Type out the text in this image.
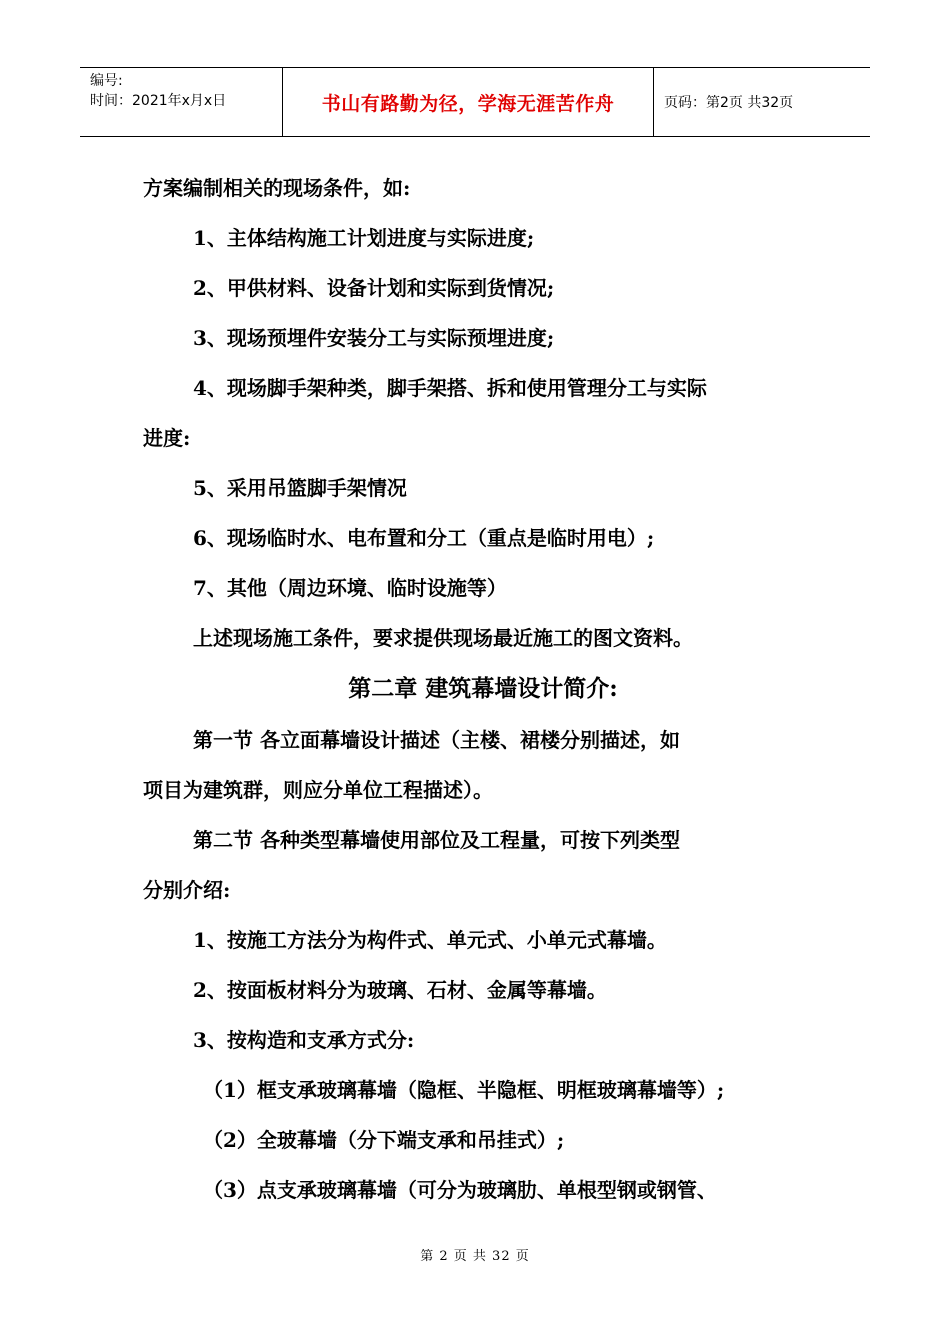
编号:
时间：2021年x月x日	书山有路勤为径，学海无涯苦作舟	页码：第2页 共32页

方案编制相关的现场条件，如:

1、主体结构施工计划进度与实际进度;

2、甲供材料、设备计划和实际到货情况;

3、现场预埋件安装分工与实际预埋进度;

4、现场脚手架种类，脚手架搭、拆和使用管理分工与实际

进度:

5、采用吊篮脚手架情况

6、现场临时水、电布置和分工（重点是临时用电）;

7、其他（周边环境、临时设施等）

上述现场施工条件，要求提供现场最近施工的图文资料。

第二章 建筑幕墙设计简介:

第一节 各立面幕墙设计描述（主楼、裙楼分别描述，如

项目为建筑群，则应分单位工程描述）。

第二节 各种类型幕墙使用部位及工程量，可按下列类型

分别介绍:

1、按施工方法分为构件式、单元式、小单元式幕墙。

2、按面板材料分为玻璃、石材、金属等幕墙。

3、按构造和支承方式分:

（1）框支承玻璃幕墙（隐框、半隐框、明框玻璃幕墙等）;

（2）全玻幕墙（分下端支承和吊挂式）;

（3）点支承玻璃幕墙（可分为玻璃肋、单根型钢或钢管、

第 2 页 共 32 页
